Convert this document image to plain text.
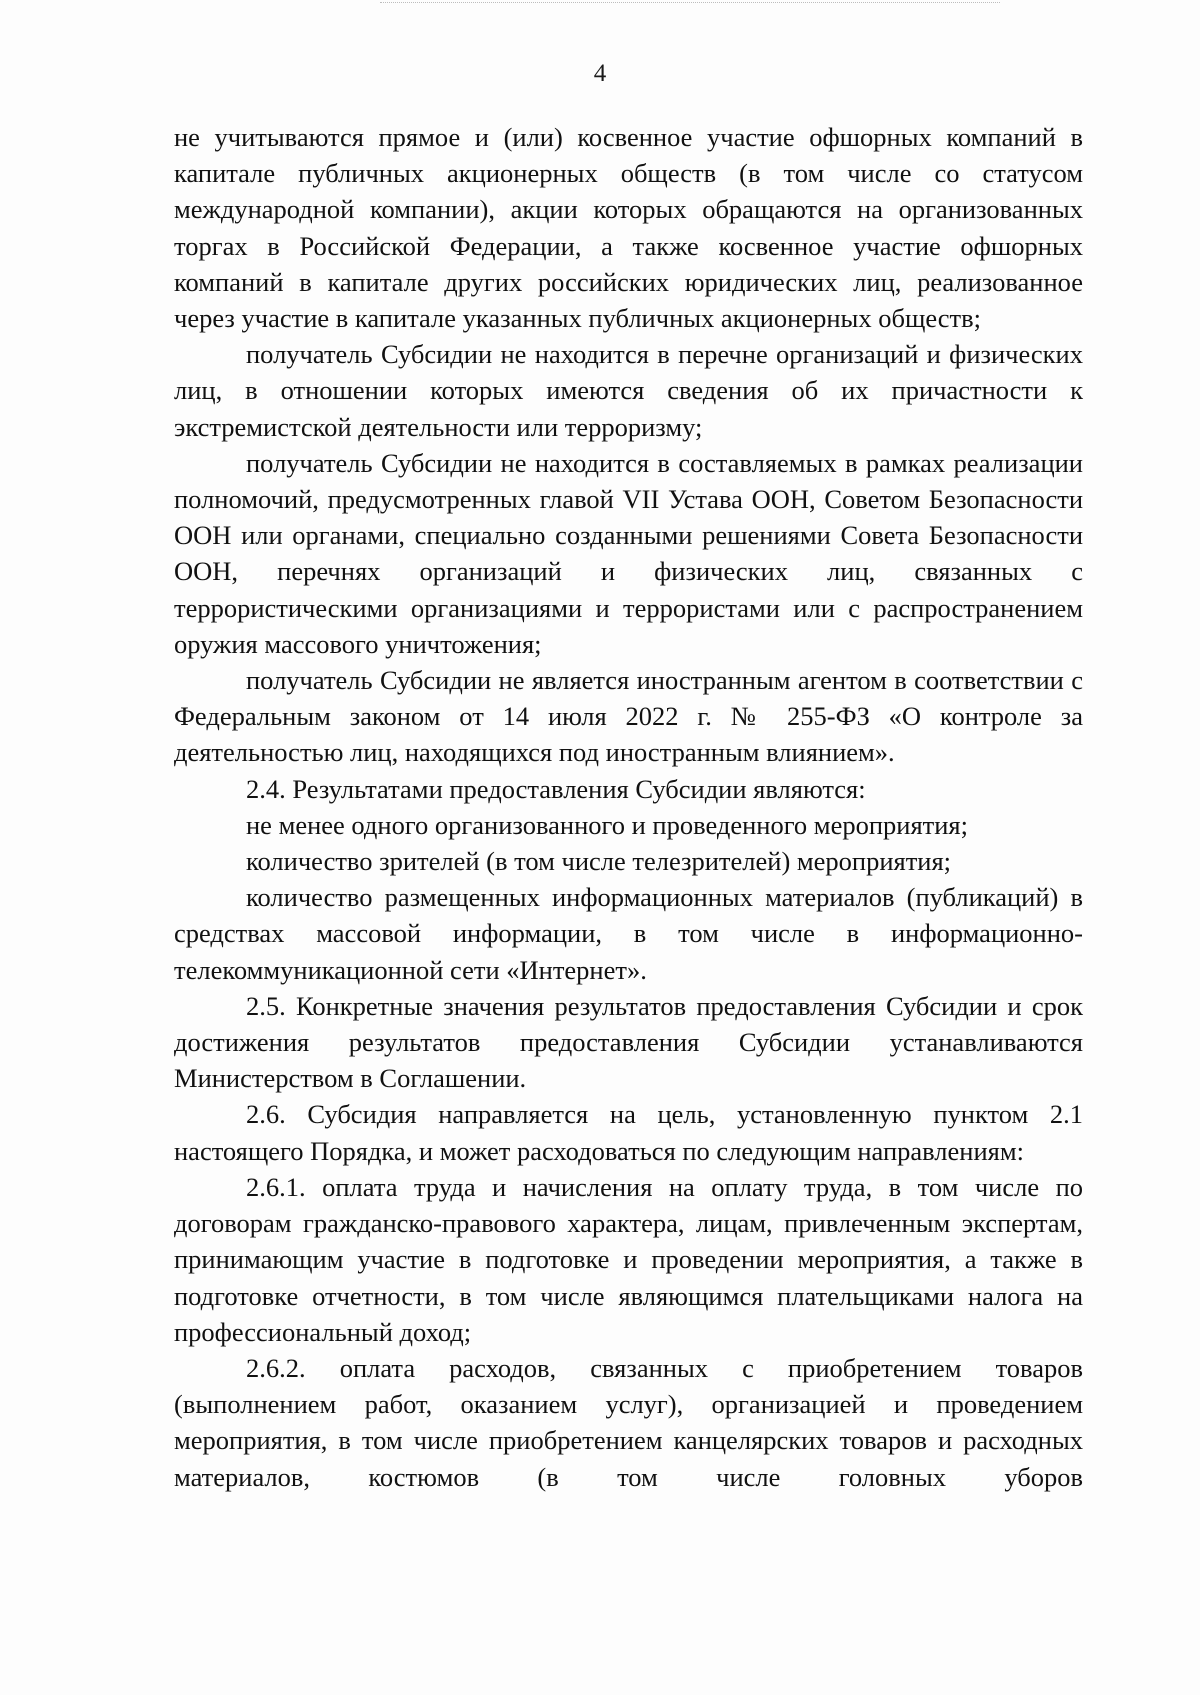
4

не учитываются прямое и (или) косвенное участие офшорных компаний в капитале публичных акционерных обществ (в том числе со статусом международной компании), акции которых обращаются на организованных торгах в Российской Федерации, а также косвенное участие офшорных компаний в капитале других российских юридических лиц, реализованное через участие в капитале указанных публичных акционерных обществ;

получатель Субсидии не находится в перечне организаций и физических лиц, в отношении которых имеются сведения об их причастности к экстремистской деятельности или терроризму;

получатель Субсидии не находится в составляемых в рамках реализации полномочий, предусмотренных главой VII Устава ООН, Советом Безопасности ООН или органами, специально созданными решениями Совета Безопасности ООН, перечнях организаций и физических лиц, связанных с террористическими организациями и террористами или с распространением оружия массового уничтожения;

получатель Субсидии не является иностранным агентом в соответствии с Федеральным законом от 14 июля 2022 г. № 255-ФЗ «О контроле за деятельностью лиц, находящихся под иностранным влиянием».

2.4. Результатами предоставления Субсидии являются:

не менее одного организованного и проведенного мероприятия;

количество зрителей (в том числе телезрителей) мероприятия;

количество размещенных информационных материалов (публикаций) в средствах массовой информации, в том числе в информационно-телекоммуникационной сети «Интернет».

2.5. Конкретные значения результатов предоставления Субсидии и срок достижения результатов предоставления Субсидии устанавливаются Министерством в Соглашении.

2.6. Субсидия направляется на цель, установленную пунктом 2.1 настоящего Порядка, и может расходоваться по следующим направлениям:

2.6.1. оплата труда и начисления на оплату труда, в том числе по договорам гражданско-правового характера, лицам, привлеченным экспертам, принимающим участие в подготовке и проведении мероприятия, а также в подготовке отчетности, в том числе являющимся плательщиками налога на профессиональный доход;

2.6.2. оплата расходов, связанных с приобретением товаров (выполнением работ, оказанием услуг), организацией и проведением мероприятия, в том числе приобретением канцелярских товаров и расходных материалов, костюмов (в том числе головных уборов
